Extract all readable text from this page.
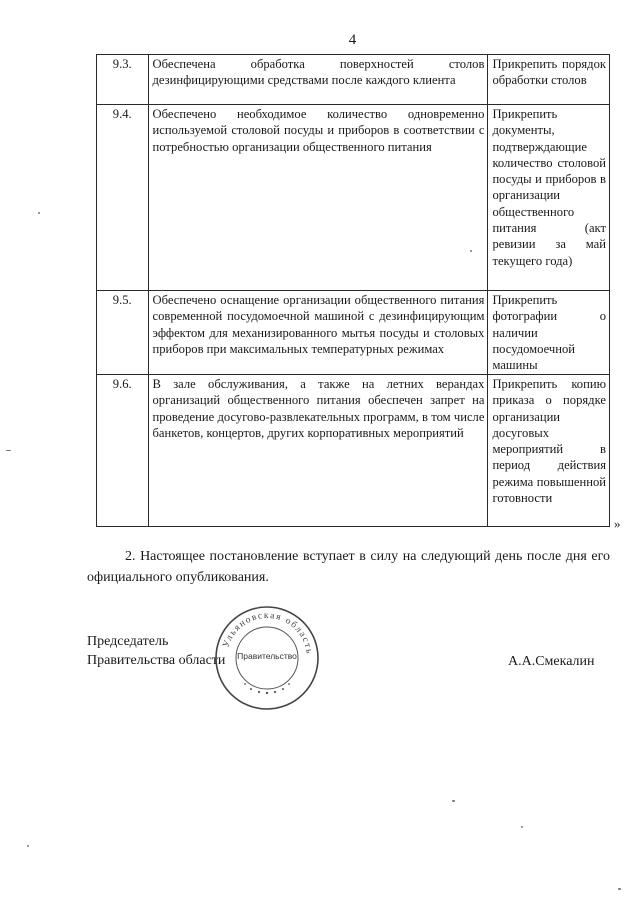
4
9.3.	Обеспечена обработка поверхностей столов дезинфицирующими средствами после каждого клиента	Прикрепить порядок обработки столов
9.4.	Обеспечено необходимое количество одновременно используемой столовой посуды и приборов в соответствии с потребностью организации общественного питания	Прикрепить документы, подтверждающие количество столовой посуды и приборов в организации общественного питания (акт ревизии за май текущего года)
9.5.	Обеспечено оснащение организации общественного питания современной посудомоечной машиной с дезинфицирующим эффектом для механизированного мытья посуды и столовых приборов при максимальных температурных режимах	Прикрепить фотографии о наличии посудомоечной машины
9.6.	В зале обслуживания, а также на летних верандах организаций общественного питания обеспечен запрет на проведение досугово-развлекательных программ, в том числе банкетов, концертов, других корпоративных мероприятий	Прикрепить копию приказа о порядке организации досуговых мероприятий в период действия режима повышенной готовности
»

2. Настоящее постановление вступает в силу на следующий день после дня его официального опубликования.

Председатель
Правительства области
Ульяновская область
Правительство	А.А.Смекалин
